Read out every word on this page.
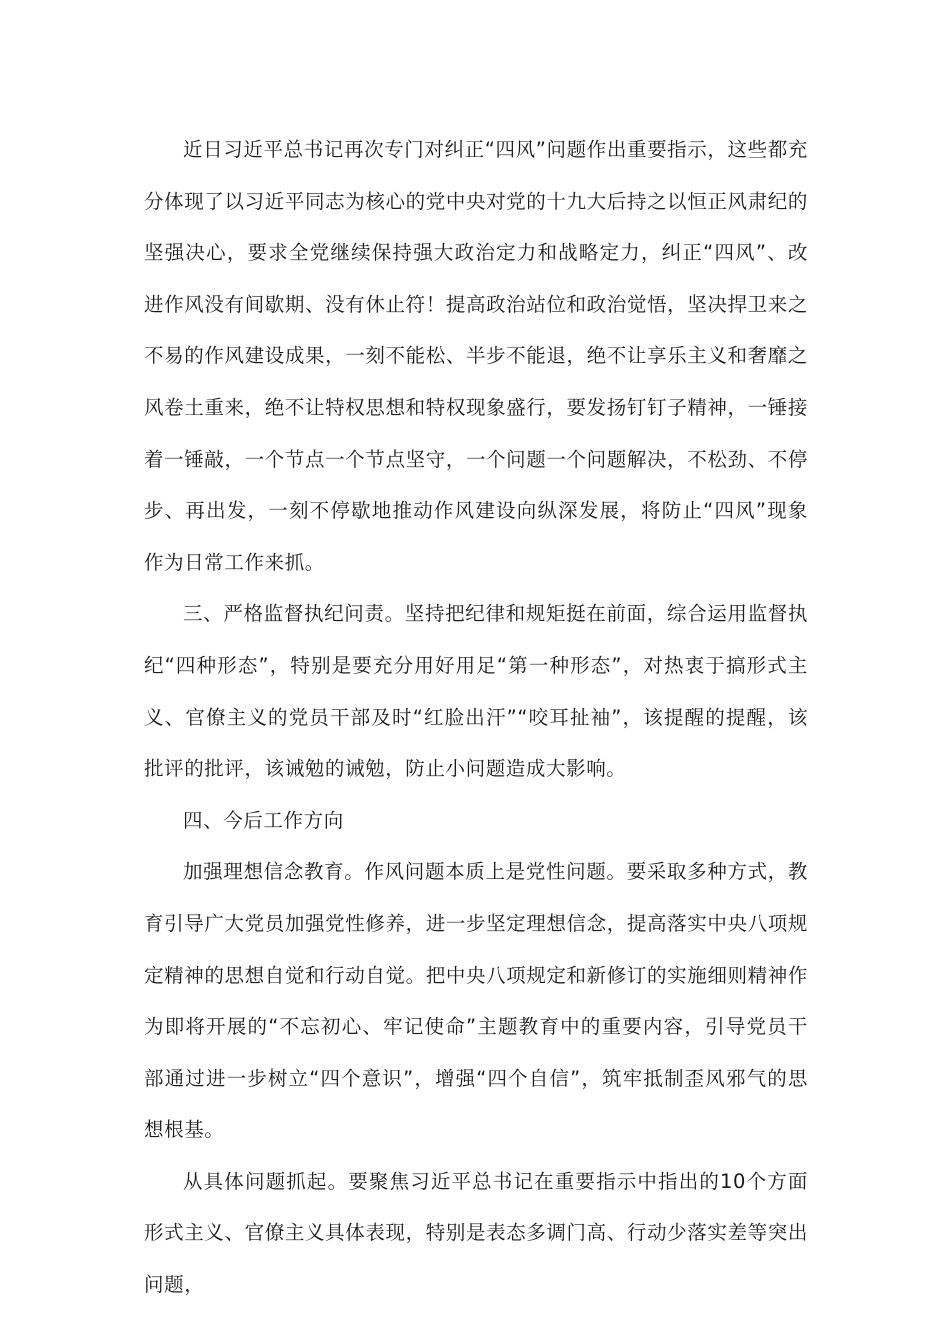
近日习近平总书记再次专门对纠正“四风”问题作出重要指示，这些都充分体现了以习近平同志为核心的党中央对党的十九大后持之以恒正风肃纪的坚强决心，要求全党继续保持强大政治定力和战略定力，纠正“四风”、改进作风没有间歇期、没有休止符！提高政治站位和政治觉悟，坚决捍卫来之不易的作风建设成果，一刻不能松、半步不能退，绝不让享乐主义和奢靡之风卷土重来，绝不让特权思想和特权现象盛行，要发扬钉钉子精神，一锤接着一锤敲，一个节点一个节点坚守，一个问题一个问题解决，不松劲、不停步、再出发，一刻不停歇地推动作风建设向纵深发展，将防止“四风”现象作为日常工作来抓。

三、严格监督执纪问责。坚持把纪律和规矩挺在前面，综合运用监督执纪“四种形态”，特别是要充分用好用足“第一种形态”，对热衷于搞形式主义、官僚主义的党员干部及时“红脸出汗”“咬耳扯袖”，该提醒的提醒，该批评的批评，该诫勉的诫勉，防止小问题造成大影响。

四、今后工作方向

加强理想信念教育。作风问题本质上是党性问题。要采取多种方式，教育引导广大党员加强党性修养，进一步坚定理想信念，提高落实中央八项规定精神的思想自觉和行动自觉。把中央八项规定和新修订的实施细则精神作为即将开展的“不忘初心、牢记使命”主题教育中的重要内容，引导党员干部通过进一步树立“四个意识”，增强“四个自信”，筑牢抵制歪风邪气的思想根基。

从具体问题抓起。要聚焦习近平总书记在重要指示中指出的10个方面形式主义、官僚主义具体表现，特别是表态多调门高、行动少落实差等突出问题，
